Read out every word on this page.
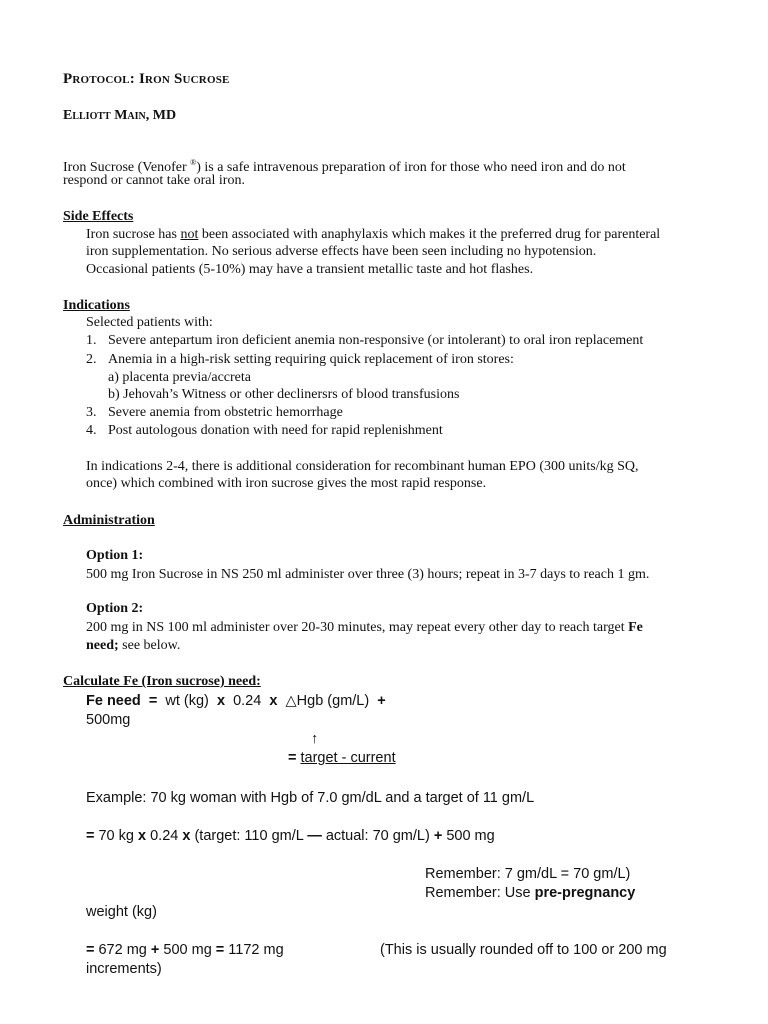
Protocol: Iron Sucrose
Elliott Main, MD
Iron Sucrose (Venofer ®) is a safe intravenous preparation of iron for those who need iron and do not
respond or cannot take oral iron.
Side Effects
Iron sucrose has not been associated with anaphylaxis which makes it the preferred drug for parenteral
iron supplementation. No serious adverse effects have been seen including no hypotension.
Occasional patients (5-10%) may have a transient metallic taste and hot flashes.
Indications
Selected patients with:
1. Severe antepartum iron deficient anemia non-responsive (or intolerant) to oral iron replacement
2. Anemia in a high-risk setting requiring quick replacement of iron stores:
a) placenta previa/accreta
b) Jehovah’s Witness or other declinersrs of blood transfusions
3. Severe anemia from obstetric hemorrhage
4. Post autologous donation with need for rapid replenishment
In indications 2-4, there is additional consideration for recombinant human EPO (300 units/kg SQ,
once) which combined with iron sucrose gives the most rapid response.
Administration
Option 1:
500 mg Iron Sucrose in NS 250 ml administer over three (3) hours; repeat in 3-7 days to reach 1 gm.
Option 2:
200 mg in NS 100 ml administer over 20-30 minutes, may repeat every other day to reach target Fe
need; see below.
Calculate Fe (Iron sucrose) need:
Fe need = wt (kg) x 0.24 x △Hgb (gm/L) +
500mg
↑
= target - current
Example: 70 kg woman with Hgb of 7.0 gm/dL and a target of 11 gm/L
= 70 kg x 0.24 x (target: 110 gm/L — actual: 70 gm/L) + 500 mg
Remember: 7 gm/dL = 70 gm/L)
Remember: Use pre-pregnancy
weight (kg)
= 672 mg + 500 mg = 1172 mg	(This is usually rounded off to 100 or 200 mg
increments)
